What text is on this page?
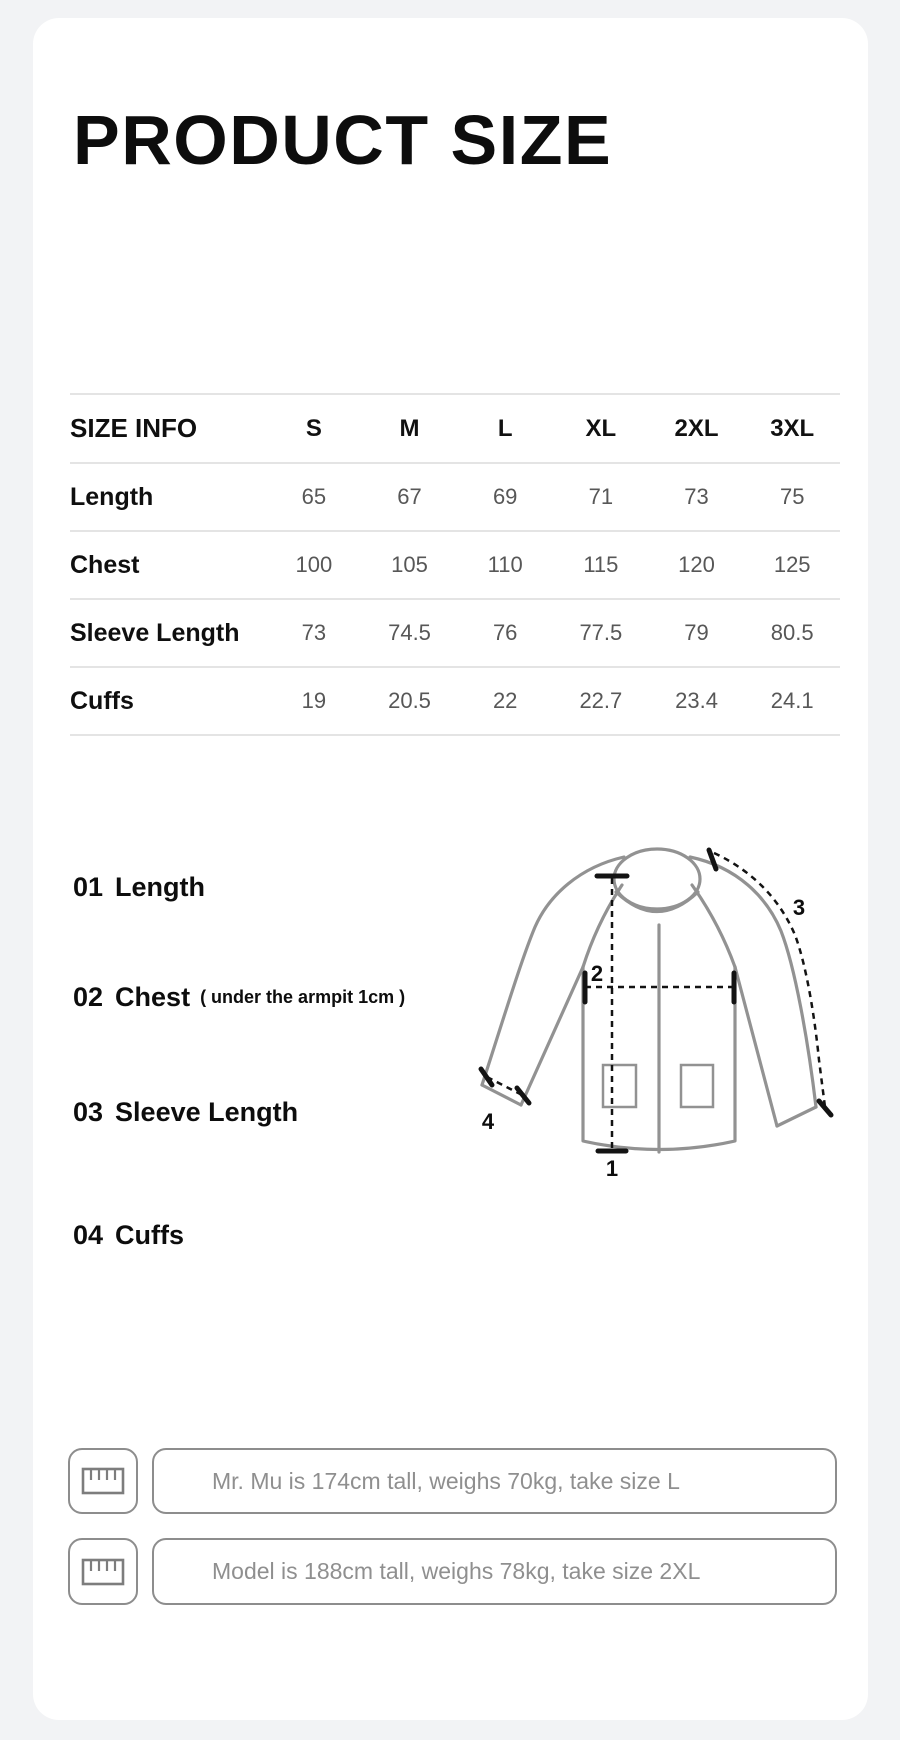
PRODUCT SIZE
SIZE INFO	S	M	L	XL	2XL	3XL
Length	65	67	69	71	73	75
Chest	100	105	110	115	120	125
Sleeve Length	73	74.5	76	77.5	79	80.5
Cuffs	19	20.5	22	22.7	23.4	24.1
01 Length
02 Chest ( under the armpit 1cm )
03 Sleeve Length
04 Cuffs
1
2
3
4
Mr. Mu is 174cm tall, weighs 70kg, take size L
Model is 188cm tall, weighs 78kg, take size 2XL
